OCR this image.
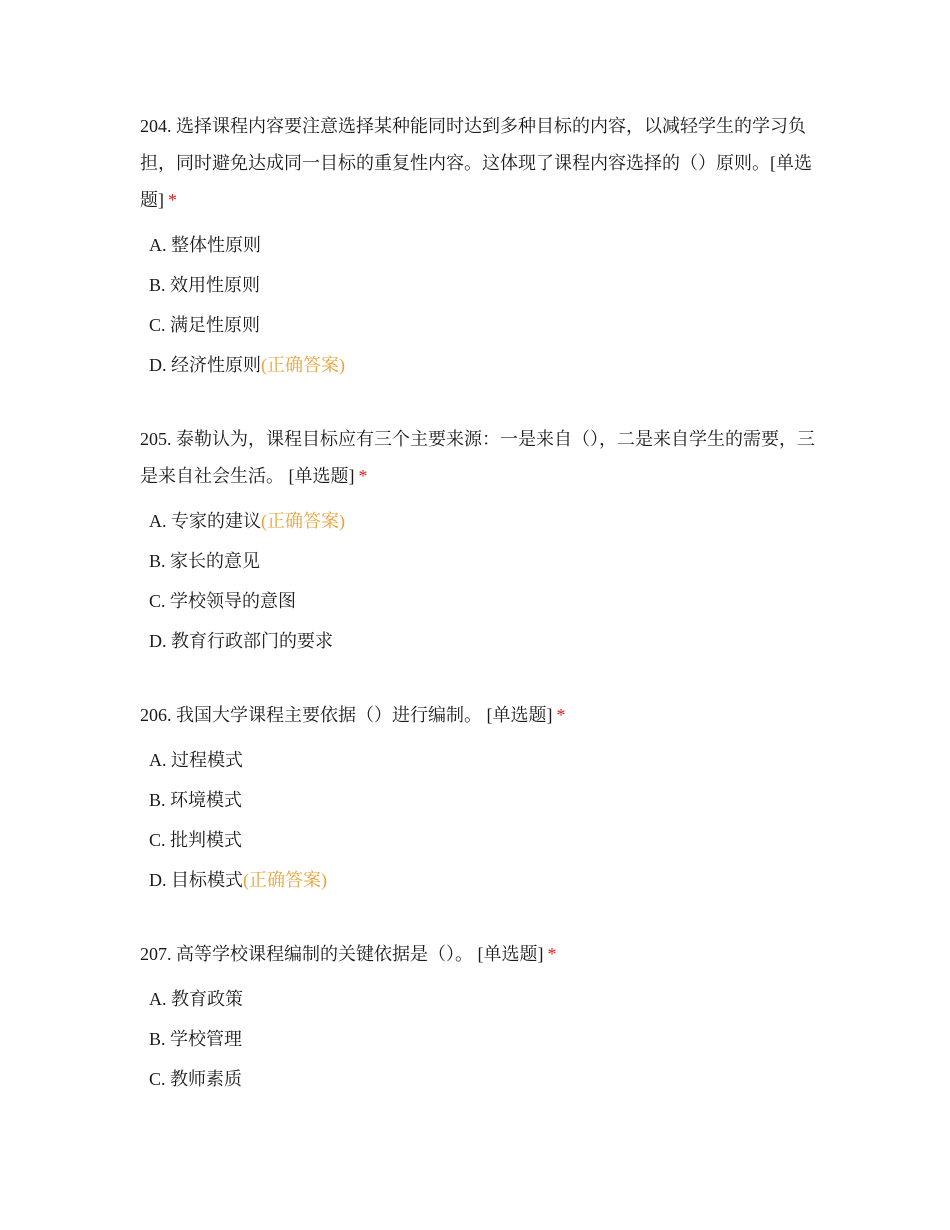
204. 选择课程内容要注意选择某种能同时达到多种目标的内容，以减轻学生的学习负担，同时避免达成同一目标的重复性内容。这体现了课程内容选择的（）原则。[单选题] *

A. 整体性原则
B. 效用性原则
C. 满足性原则
D. 经济性原则(正确答案)

205. 泰勒认为，课程目标应有三个主要来源：一是来自（），二是来自学生的需要，三是来自社会生活。 [单选题] *

A. 专家的建议(正确答案)
B. 家长的意见
C. 学校领导的意图
D. 教育行政部门的要求

206. 我国大学课程主要依据（）进行编制。 [单选题] *

A. 过程模式
B. 环境模式
C. 批判模式
D. 目标模式(正确答案)

207. 高等学校课程编制的关键依据是（）。 [单选题] *

A. 教育政策
B. 学校管理
C. 教师素质
